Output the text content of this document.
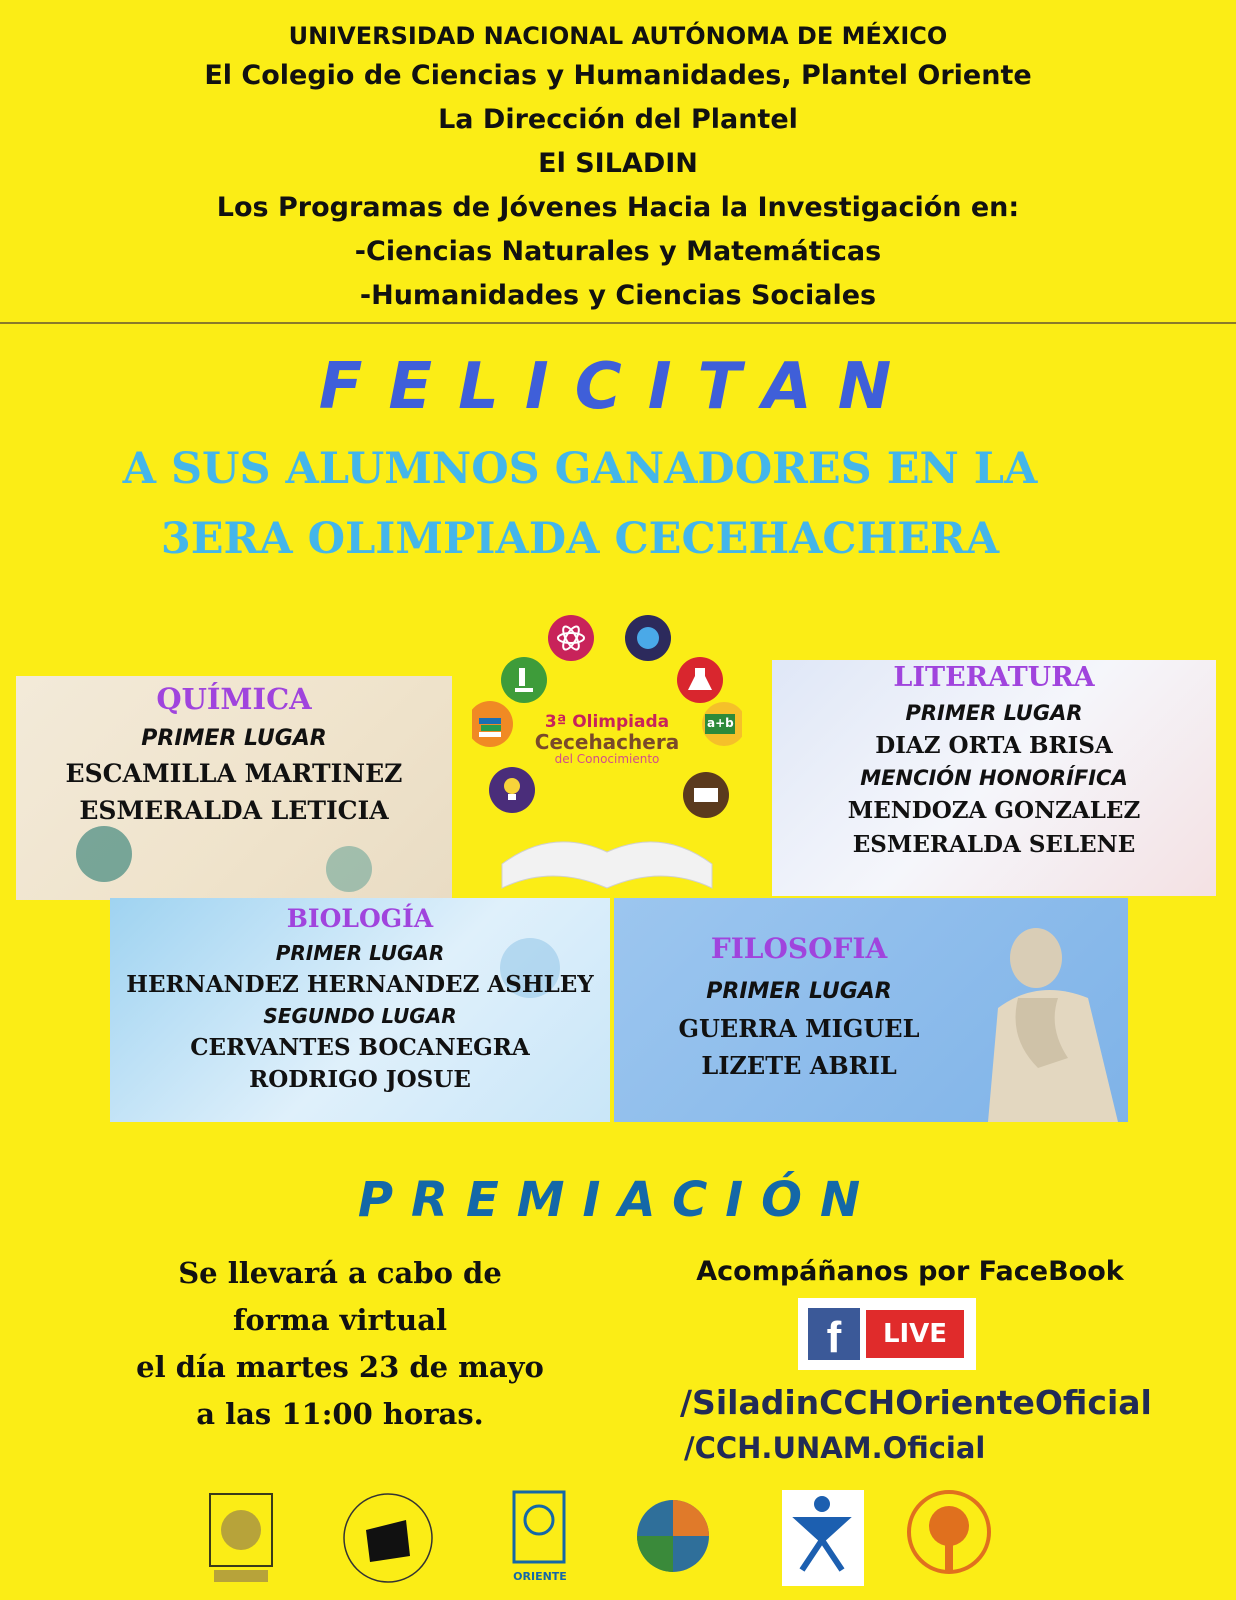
UNIVERSIDAD NACIONAL AUTÓNOMA DE MÉXICO
El Colegio de Ciencias y Humanidades, Plantel Oriente
La Dirección del Plantel
El SILADIN
Los Programas de Jóvenes Hacia la Investigación en:
-Ciencias Naturales y Matemáticas
-Humanidades y Ciencias Sociales
FELICITAN
A SUS ALUMNOS GANADORES EN LA
3ERA OLIMPIADA CECEHACHERA
3ª Olimpiada
Cecehachera
del Conocimiento
a+b
QUÍMICA
PRIMER LUGAR
ESCAMILLA MARTINEZ
ESMERALDA LETICIA
LITERATURA
PRIMER LUGAR
DIAZ ORTA BRISA
MENCIÓN HONORÍFICA
MENDOZA GONZALEZ
ESMERALDA SELENE
BIOLOGÍA
PRIMER LUGAR
HERNANDEZ HERNANDEZ ASHLEY
SEGUNDO LUGAR
CERVANTES BOCANEGRA
RODRIGO JOSUE
FILOSOFIA
PRIMER LUGAR
GUERRA MIGUEL
LIZETE ABRIL
PREMIACIÓN
Se llevará a cabo de
forma virtual
el día martes 23 de mayo
a las 11:00 horas.
Acompáñanos por FaceBook
f	LIVE
/SiladinCCHOrienteOficial
/CCH.UNAM.Oficial
ORIENTE
